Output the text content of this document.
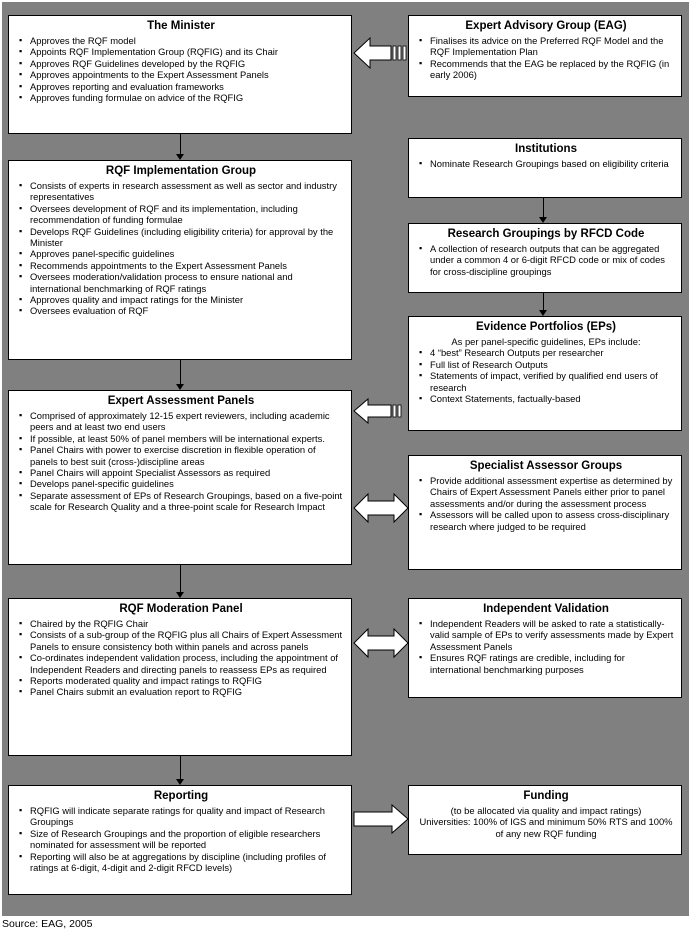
The Minister
▪ Approves the RQF model
▪ Appoints RQF Implementation Group (RQFIG) and its Chair
▪ Approves RQF Guidelines developed by the RQFIG
▪ Approves appointments to the Expert Assessment Panels
▪ Approves reporting and evaluation frameworks
▪ Approves funding formulae on advice of the RQFIG
RQF Implementation Group
▪ Consists of experts in research assessment as well as sector and industry representatives
▪ Oversees development of RQF and its implementation, including recommendation of funding formulae
▪ Develops RQF Guidelines (including eligibility criteria) for approval by the Minister
▪ Approves panel-specific guidelines
▪ Recommends appointments to the Expert Assessment Panels
▪ Oversees moderation/validation process to ensure national and international benchmarking of RQF ratings
▪ Approves quality and impact ratings for the Minister
▪ Oversees evaluation of RQF
Expert Assessment Panels
▪ Comprised of approximately 12-15 expert reviewers, including academic peers and at least two end users
▪ If possible, at least 50% of panel members will be international experts.
▪ Panel Chairs with power to exercise discretion in flexible operation of panels to best suit (cross-)discipline areas
▪ Panel Chairs will appoint Specialist Assessors as required
▪ Develops panel-specific guidelines
▪ Separate assessment of EPs of Research Groupings, based on a five-point scale for Research Quality and a three-point scale for Research Impact
RQF Moderation Panel
▪ Chaired by the RQFIG Chair
▪ Consists of a sub-group of the RQFIG plus all Chairs of Expert Assessment Panels to ensure consistency both within panels and across panels
▪ Co-ordinates independent validation process, including the appointment of Independent Readers and directing panels to reassess EPs as required
▪ Reports moderated quality and impact ratings to RQFIG
▪ Panel Chairs submit an evaluation report to RQFIG
Reporting
▪ RQFIG will indicate separate ratings for quality and impact of Research Groupings
▪ Size of Research Groupings and the proportion of eligible researchers nominated for assessment will be reported
▪ Reporting will also be at aggregations by discipline (including profiles of ratings at 6-digit, 4-digit and 2-digit RFCD levels)
Expert Advisory Group (EAG)
▪ Finalises its advice on the Preferred RQF Model and the RQF Implementation Plan
▪ Recommends that the EAG be replaced by the RQFIG (in early 2006)
Institutions
▪ Nominate Research Groupings based on eligibility criteria
Research Groupings by RFCD Code
▪ A collection of research outputs that can be aggregated under a common 4 or 6-digit RFCD code or mix of codes for cross-discipline groupings
Evidence Portfolios (EPs)

As per panel-specific guidelines, EPs include:

▪ 4 “best” Research Outputs per researcher
▪ Full list of Research Outputs
▪ Statements of impact, verified by qualified end users of research
▪ Context Statements, factually-based
Specialist Assessor Groups
▪ Provide additional assessment expertise as determined by Chairs of Expert Assessment Panels either prior to panel assessments and/or during the assessment process
▪ Assessors will be called upon to assess cross-disciplinary research where judged to be required
Independent Validation
▪ Independent Readers will be asked to rate a statistically-valid sample of EPs to verify assessments made by Expert Assessment Panels
▪ Ensures RQF ratings are credible, including for international benchmarking purposes
Funding

(to be allocated via quality and impact ratings)

Universities: 100% of IGS and minimum 50% RTS and 100% of any new RQF funding

Source: EAG, 2005
